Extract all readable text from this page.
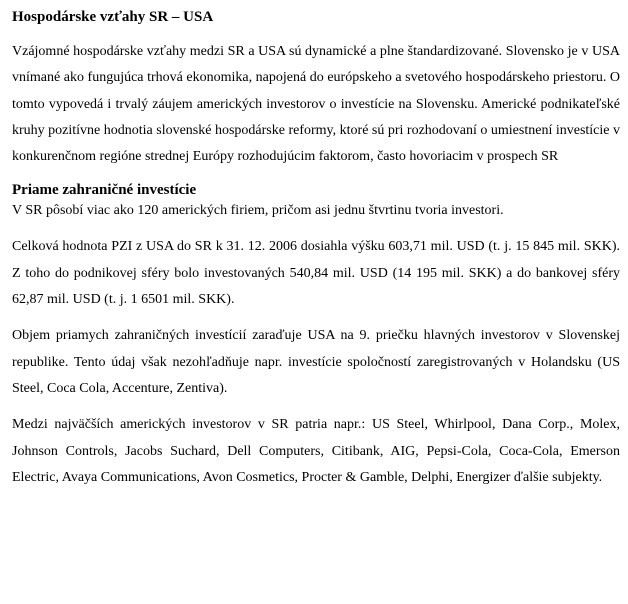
Hospodárske vzťahy SR – USA

Vzájomné hospodárske vzťahy medzi SR a USA sú dynamické a plne štandardizované. Slovensko je v USA vnímané ako fungujúca trhová ekonomika, napojená do európskeho a svetového hospodárskeho priestoru. O tomto vypovedá i trvalý záujem amerických investorov o investície na Slovensku. Americké podnikateľské kruhy pozitívne hodnotia slovenské hospodárske reformy, ktoré sú pri rozhodovaní o umiestnení investície v konkurenčnom regióne strednej Európy rozhodujúcim faktorom, často hovoriacim v prospech SR

Priame zahraničné investície

V SR pôsobí viac ako 120 amerických firiem, pričom asi jednu štvrtinu tvoria investori.

Celková hodnota PZI z USA do SR k 31. 12. 2006 dosiahla výšku 603,71 mil. USD (t. j. 15 845 mil. SKK). Z toho do podnikovej sféry bolo investovaných 540,84 mil. USD (14 195 mil. SKK) a do bankovej sféry 62,87 mil. USD (t. j. 1 6501 mil. SKK).

Objem priamych zahraničných investícií zaraďuje USA na 9. priečku hlavných investorov v Slovenskej republike. Tento údaj však nezohľadňuje napr. investície spoločností zaregistrovaných v Holandsku (US Steel, Coca Cola, Accenture, Zentiva).

Medzi najväčších amerických investorov v SR patria napr.: US Steel, Whirlpool, Dana Corp., Molex, Johnson Controls, Jacobs Suchard, Dell Computers, Citibank, AIG, Pepsi-Cola, Coca-Cola, Emerson Electric, Avaya Communications, Avon Cosmetics, Procter & Gamble, Delphi, Energizer ďalšie subjekty.
